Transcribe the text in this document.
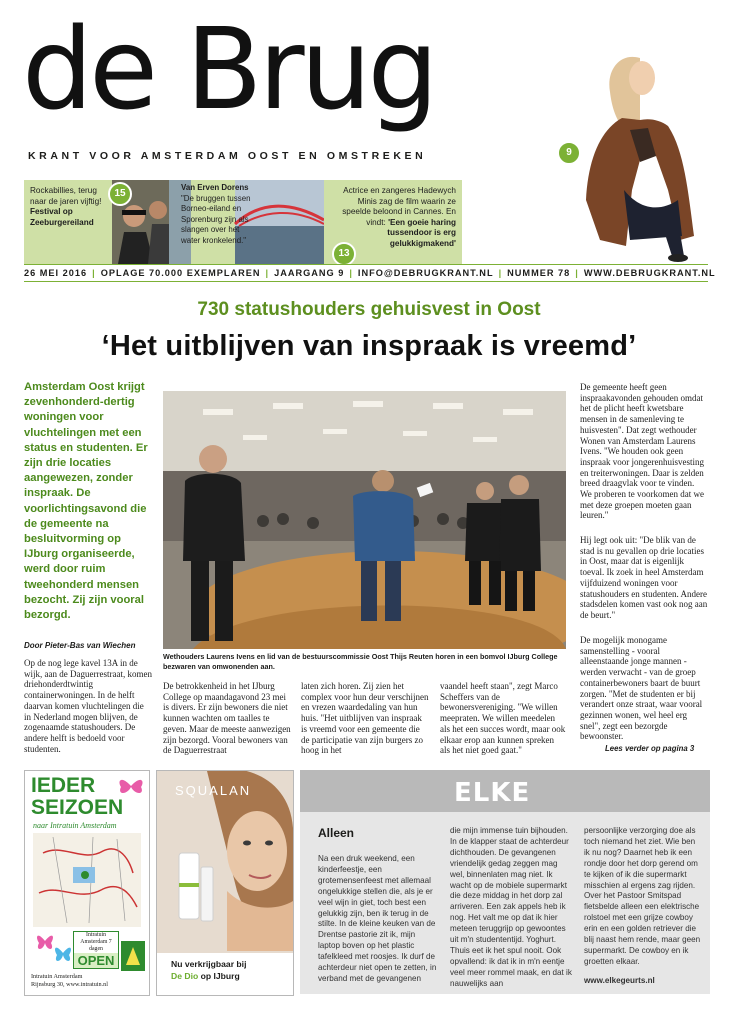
de Brug
KRANT VOOR AMSTERDAM OOST EN OMSTREKEN	9
Rockabillies, terug naar de jaren vijftig! Festival op Zeeburgereiland
Van Erven Dorens
"De bruggen tussen Borneo-eiland en Sporenburg zijn als slangen over het water kronkelend."
Actrice en zangeres Hadewych Minis zag de film waarin ze speelde beloond in Cannes. En vindt: 'Een goeie haring tussendoor is erg gelukkigmakend'
15
13
26 MEI 2016 | OPLAGE 70.000 EXEMPLAREN | JAARGANG 9 | INFO@DEBRUGKRANT.NL | NUMMER 78 | WWW.DEBRUGKRANT.NL
730 statushouders gehuisvest in Oost
‘Het uitblijven van inspraak is vreemd’
Amsterdam Oost krijgt zevenhonderd-dertig woningen voor vluchtelingen met een status en studenten. Er zijn drie locaties aangewezen, zonder inspraak. De voorlichtingsavond die de gemeente na besluitvorming op IJburg organiseerde, werd door ruim tweehonderd mensen bezocht. Zij zijn vooral bezorgd.
Door Pieter-Bas van Wiechen
Op de nog lege kavel 13A in de wijk, aan de Daguerrestraat, komen driehonderdtwintig containerwoningen. In de helft daarvan komen vluchtelingen die in Nederland mogen blijven, de zogenaamde statushouders. De andere helft is bedoeld voor studenten.
Wethouders Laurens Ivens en lid van de bestuurscommissie Oost Thijs Reuten horen in een bomvol IJburg College bezwaren van omwonenden aan.
De betrokkenheid in het IJburg College op maandagavond 23 mei is divers. Er zijn bewoners die niet kunnen wachten om taalles te geven. Maar de meeste aanwezigen zijn bezorgd. Vooral bewoners van de Daguerrestraat
laten zich horen. Zij zien het complex voor hun deur verschijnen en vrezen waardedaling van hun huis. "Het uitblijven van inspraak is vreemd voor een gemeente die de participatie van zijn burgers zo hoog in het
vaandel heeft staan", zegt Marco Scheffers van de bewonersvereniging. "We willen meepraten. We willen meedelen als het een succes wordt, maar ook elkaar erop aan kunnen spreken als het niet goed gaat."
De gemeente heeft geen inspraakavonden gehouden omdat het de plicht heeft kwetsbare mensen in de samenleving te huisvesten". Dat zegt wethouder Wonen van Amsterdam Laurens Ivens. "We houden ook geen inspraak voor jongerenhuisvesting en treiterwoningen. Daar is zelden breed draagvlak voor te vinden. We proberen te voorkomen dat we met deze groepen moeten gaan leuren."
Hij legt ook uit: "De blik van de stad is nu gevallen op drie locaties in Oost, maar dat is eigenlijk toeval. Ik zoek in heel Amsterdam vijfduizend woningen voor statushouders en studenten. Andere stadsdelen komen vast ook nog aan de beurt."
De mogelijk monogame samenstelling - vooral alleenstaande jonge mannen - werden verwacht - van de groep containerbewoners baart de buurt zorgen. "Met de studenten er bij verandert onze straat, waar vooral gezinnen wonen, wel heel erg snel", zegt een bezorgde bewoonster.
Lees verder op pagina 3
IEDER
SEIZOEN
naar Intratuin Amsterdam
Intratuin Amsterdam 7 dagen
OPEN
Intratuin Amsterdam
Rijnsburg 30, www.intratuin.nl
SQUALAN
Nu verkrijgbaar bij
De Dio op IJburg
ELKE
Alleen
Na een druk weekend, een kinderfeestje, een grotemensenfeest met allemaal ongelukkige stellen die, als je er veel wijn in giet, toch best een gelukkig zijn, ben ik terug in de stilte. In de kleine keuken van de Drentse pastorie zit ik, mijn laptop boven op het plastic tafelkleed met roosjes. Ik durf de achterdeur niet open te zetten, in verband met de gevangenen
die mijn immense tuin bijhouden. In de klapper staat de achterdeur dichthouden. De gevangenen vriendelijk gedag zeggen mag wel, binnenlaten mag niet. Ik wacht op de mobiele supermarkt die deze middag in het dorp zal arriveren. Een zak appels heb ik nog. Het valt me op dat ik hier meteen teruggrijp op gewoontes uit m'n studententijd. Yoghurt. Thuis eet ik het spul nooit. Ook opvallend: ik dat ik in m'n eentje veel meer rommel maak, en dat ik nauwelijks aan
persoonlijke verzorging doe als toch niemand het ziet. Wie ben ik nu nog? Daarnet heb ik een rondje door het dorp gerend om te kijken of ik die supermarkt misschien al ergens zag rijden. Over het Pastoor Smitspad fietsbelde alleen een elektrische rolstoel met een grijze cowboy erin en een golden retriever die blij naast hem rende, maar geen supermarkt. De cowboy en ik groetten elkaar.
www.elkegeurts.nl
